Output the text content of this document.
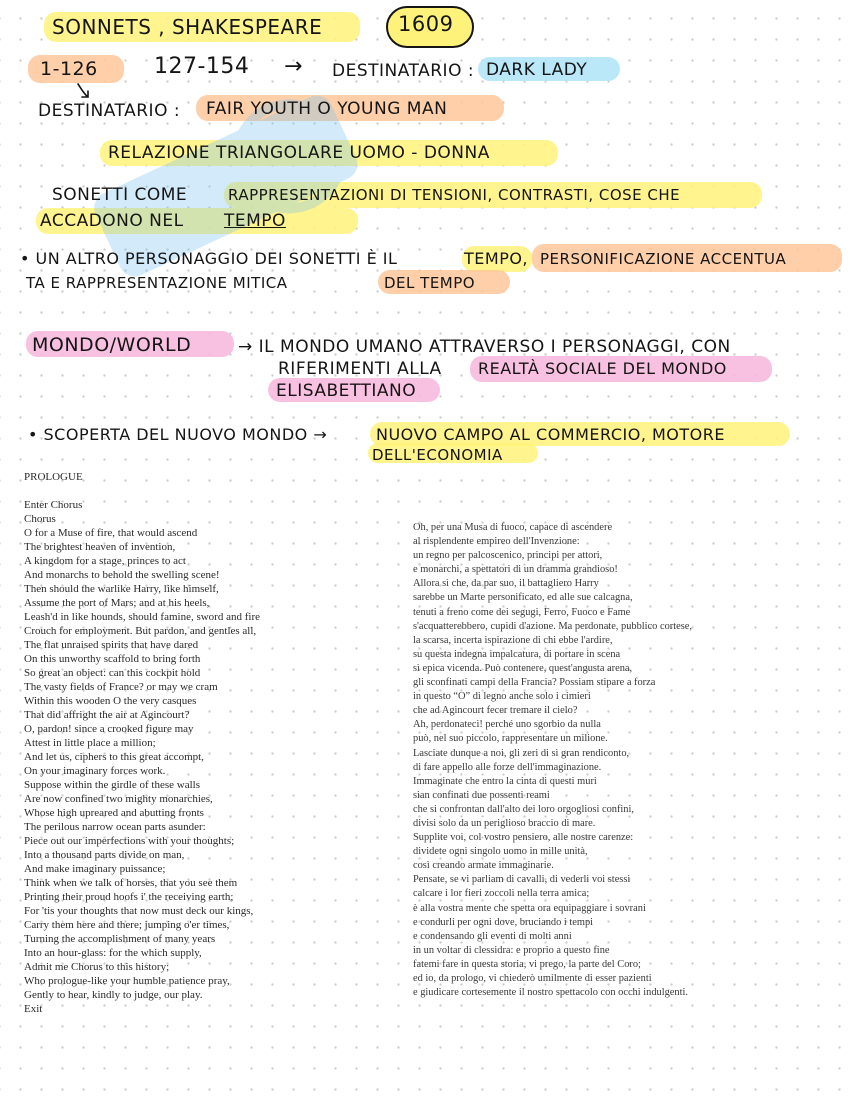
SONNETS , SHAKESPEARE	1609
1-126	127-154 → DESTINATARIO : DARK LADY
DESTINATARIO : FAIR YOUTH O YOUNG MAN
RELAZIONE TRIANGOLARE UOMO - DONNA
SONETTI COME	RAPPRESENTAZIONI DI TENSIONI, CONTRASTI, COSE CHE
ACCADONO NEL TEMPO
• UN ALTRO PERSONAGGIO DEI SONETTI È IL	TEMPO, PERSONIFICAZIONE ACCENTUA
TA E RAPPRESENTAZIONE MITICA	DEL TEMPO
MONDO/WORLD	→ IL MONDO UMANO ATTRAVERSO I PERSONAGGI, CON
RIFERIMENTI ALLA REALTÀ SOCIALE DEL MONDO
ELISABETTIANO
• SCOPERTA DEL NUOVO MONDO →	NUOVO CAMPO AL COMMERCIO, MOTORE
DELL'ECONOMIA
PROLOGUE
Enter Chorus
Chorus
O for a Muse of fire, that would ascend
The brightest heaven of invention,
A kingdom for a stage, princes to act
And monarchs to behold the swelling scene!
Then should the warlike Harry, like himself,
Assume the port of Mars; and at his heels,
Leash'd in like hounds, should famine, sword and fire
Crouch for employment. But pardon, and gentles all,
The flat unraised spirits that have dared
On this unworthy scaffold to bring forth
So great an object: can this cockpit hold
The vasty fields of France? or may we cram
Within this wooden O the very casques
That did affright the air at Agincourt?
O, pardon! since a crooked figure may
Attest in little place a million;
And let us, ciphers to this great accompt,
On your imaginary forces work.
Suppose within the girdle of these walls
Are now confined two mighty monarchies,
Whose high upreared and abutting fronts
The perilous narrow ocean parts asunder:
Piece out our imperfections with your thoughts;
Into a thousand parts divide on man,
And make imaginary puissance;
Think when we talk of horses, that you see them
Printing their proud hoofs i' the receiving earth;
For 'tis your thoughts that now must deck our kings,
Carry them here and there; jumping o'er times,
Turning the accomplishment of many years
Into an hour-glass: for the which supply,
Admit me Chorus to this history;
Who prologue-like your humble patience pray,
Gently to hear, kindly to judge, our play.
Exit
Oh, per una Musa di fuoco, capace di ascendere
al risplendente empireo dell'Invenzione:
un regno per palcoscenico, principi per attori,
e monarchi, a spettatori di un dramma grandioso!
Allora sì che, da par suo, il battagliero Harry
sarebbe un Marte personificato, ed alle sue calcagna,
tenuti a freno come dei segugi, Ferro, Fuoco e Fame
s'acquatterebbero, cupidi d'azione. Ma perdonate, pubblico cortese,
la scarsa, incerta ispirazione di chi ebbe l'ardire,
su questa indegna impalcatura, di portare in scena
sì epica vicenda. Può contenere, quest'angusta arena,
gli sconfinati campi della Francia? Possiam stipare a forza
in questo “O” di legno anche solo i cimieri
che ad Agincourt fecer tremare il cielo?
Ah, perdonateci! perché uno sgorbio da nulla
può, nel suo piccolo, rappresentare un milione.
Lasciate dunque a noi, gli zeri di sì gran rendiconto,
di fare appello alle forze dell'immaginazione.
Immaginate che entro la cinta di questi muri
sian confinati due possenti reami
che si confrontan dall'alto dei loro orgogliosi confini,
divisi solo da un periglioso braccio di mare.
Supplite voi, col vostro pensiero, alle nostre carenze:
dividete ogni singolo uomo in mille unità,
così creando armate immaginarie.
Pensate, se vi parliam di cavalli, di vederli voi stessi
calcare i lor fieri zoccoli nella terra amica;
è alla vostra mente che spetta ora equipaggiare i sovrani
e condurli per ogni dove, bruciando i tempi
e condensando gli eventi di molti anni
in un voltar di clessidra: e proprio a questo fine
fatemi fare in questa storia, vi prego, la parte del Coro;
ed io, da prologo, vi chiederò umilmente di esser pazienti
e giudicare cortesemente il nostro spettacolo con occhi indulgenti.
